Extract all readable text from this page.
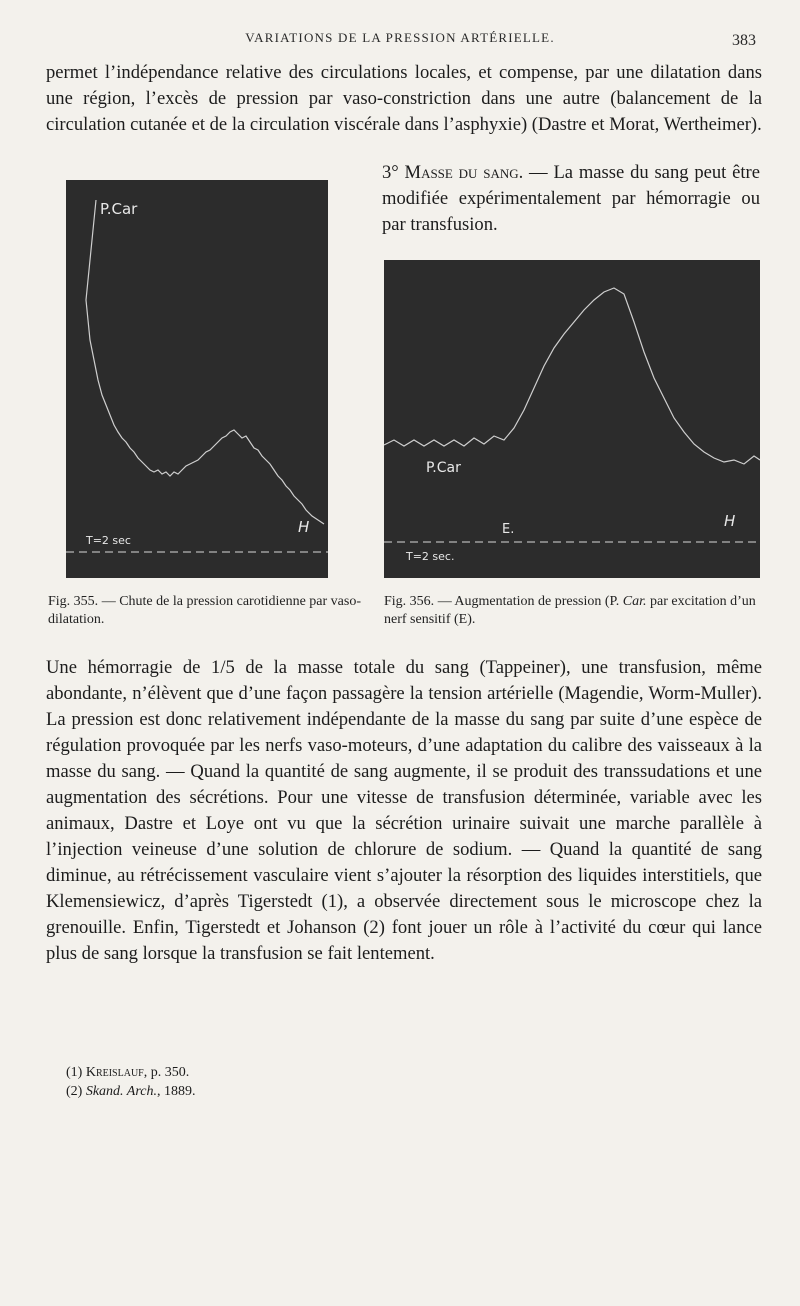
VARIATIONS DE LA PRESSION ARTÉRIELLE.	383
permet l’indépendance relative des circulations locales, et compense, par une dilatation dans une région, l’excès de pression par vaso-constriction dans une autre (balancement de la circulation cutanée et de la circulation viscérale dans l’asphyxie) (Dastre et Morat, Wertheimer).
3° Masse du sang. — La masse du sang peut être modifiée expérimentalement par hémorragie ou par transfusion.
P.Car
T=2 sec
H
P.Car
E.
T=2 sec.
H
Fig. 355. — Chute de la pression carotidienne par vaso-dilatation.
Fig. 356. — Augmentation de pression (P. Car. par excitation d’un nerf sensitif (E).
Une hémorragie de 1/5 de la masse totale du sang (Tappeiner), une transfusion, même abondante, n’élèvent que d’une façon passagère la tension artérielle (Magendie, Worm-Muller). La pression est donc relativement indépendante de la masse du sang par suite d’une espèce de régulation provoquée par les nerfs vaso-moteurs, d’une adaptation du calibre des vaisseaux à la masse du sang. — Quand la quantité de sang augmente, il se produit des transsudations et une augmentation des sécrétions. Pour une vitesse de transfusion déterminée, variable avec les animaux, Dastre et Loye ont vu que la sécrétion urinaire suivait une marche parallèle à l’injection veineuse d’une solution de chlorure de sodium. — Quand la quantité de sang diminue, au rétrécissement vasculaire vient s’ajouter la résorption des liquides interstitiels, que Klemensiewicz, d’après Tigerstedt (1), a observée directement sous le microscope chez la grenouille. Enfin, Tigerstedt et Johanson (2) font jouer un rôle à l’activité du cœur qui lance plus de sang lorsque la transfusion se fait lentement.
(1) Kreislauf, p. 350.
(2) Skand. Arch., 1889.
